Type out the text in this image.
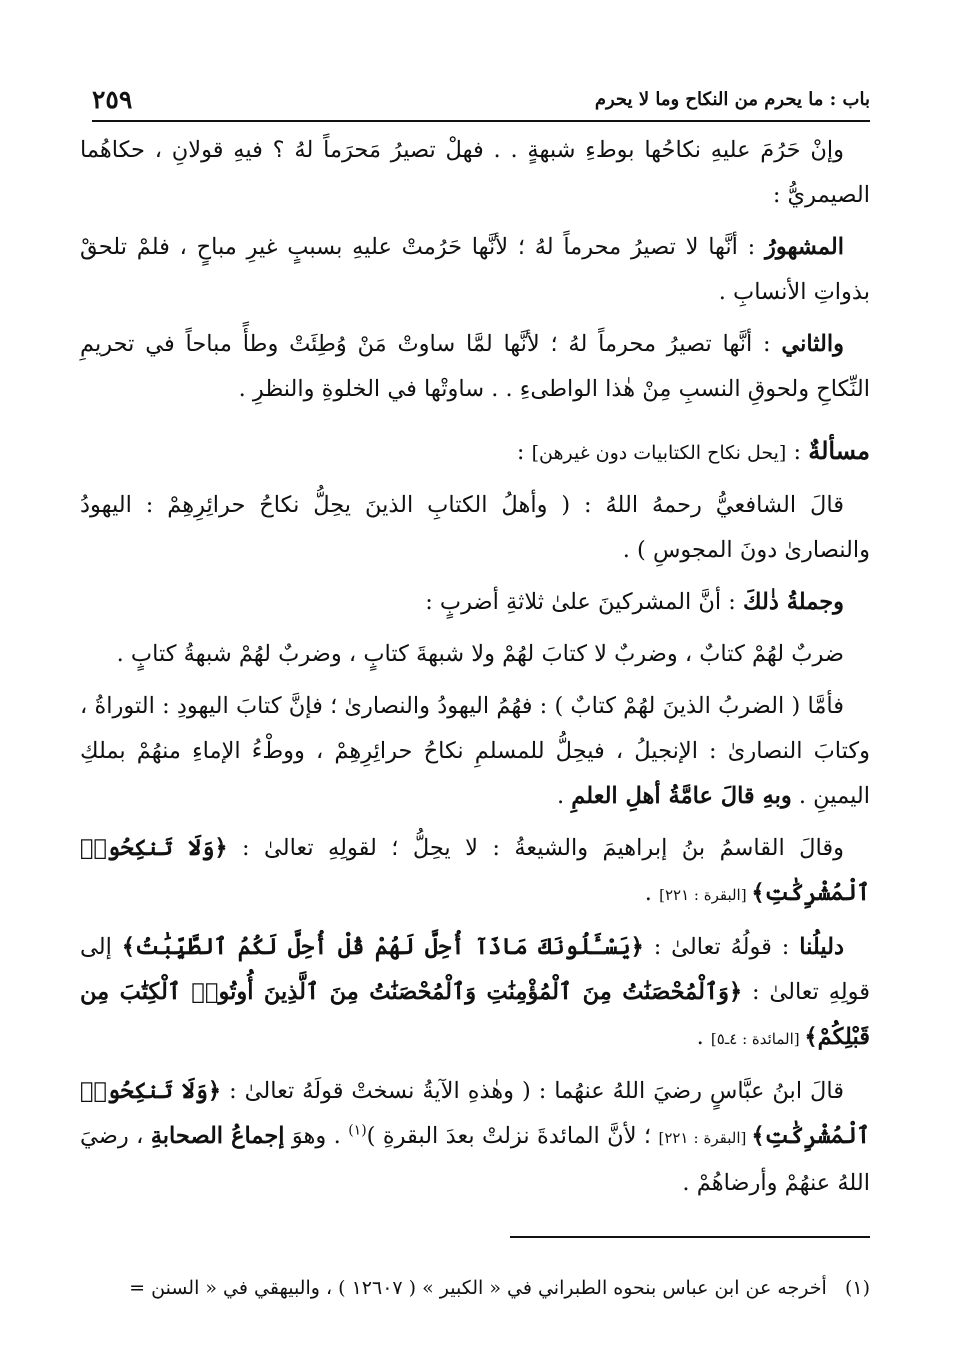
٢٥٩	باب : ما يحرم من النكاح وما لا يحرم

وإنْ حَرُمَ عليهِ نكاحُها بوطءِ شبهةٍ . . فهلْ تصيرُ مَحرَماً لهُ ؟ فيهِ قولانِ ، حكاهُما الصيمريُّ :

المشهورُ : أنَّها لا تصيرُ محرماً لهُ ؛ لأنَّها حَرُمتْ عليهِ بسببٍ غيرِ مباحٍ ، فلمْ تلحقْ بذواتِ الأنسابِ .

والثاني : أنَّها تصيرُ محرماً لهُ ؛ لأنَّها لمَّا ساوتْ مَنْ وُطِئَتْ وطأً مباحاً في تحريمِ النِّكاحِ ولحوقِ النسبِ مِنْ هٰذا الواطىءِ . . ساوتْها في الخلوةِ والنظرِ .

مسألةٌ : [يحل نكاح الكتابيات دون غيرهن] :

قالَ الشافعيُّ رحمهُ اللهُ : ( وأهلُ الكتابِ الذينَ يحِلُّ نكاحُ حرائِرِهِمْ : اليهودُ والنصارىٰ دونَ المجوسِ ) .

وجملةُ ذٰلكَ : أنَّ المشركينَ علىٰ ثلاثةِ أضربٍ :

ضربٌ لهُمْ كتابٌ ، وضربٌ لا كتابَ لهُمْ ولا شبهةَ كتابٍ ، وضربٌ لهُمْ شبهةُ كتابٍ .

فأمَّا ( الضربُ الذينَ لهُمْ كتابٌ ) : فهُمُ اليهودُ والنصارىٰ ؛ فإنَّ كتابَ اليهودِ : التوراةُ ، وكتابَ النصارىٰ : الإنجيلُ ، فيحِلُّ للمسلمِ نكاحُ حرائِرِهِمْ ، ووطْءُ الإماءِ منهُمْ بملكِ اليمينِ . وبهِ قالَ عامَّةُ أهلِ العلمِ .

وقالَ القاسمُ بنُ إبراهيمَ والشيعةُ : لا يحِلُّ ؛ لقولِهِ تعالىٰ : ﴿وَلَا تَنكِحُوا۟ ٱلْمُشْرِكَٰتِ﴾ [البقرة : ٢٢١] .

دليلُنا : قولُهُ تعالىٰ : ﴿يَسْـَٔلُونَكَ مَاذَآ أُحِلَّ لَهُمْ قُلْ أُحِلَّ لَكُمُ ٱلطَّيِّبَٰتُ﴾ إلى قولِهِ تعالىٰ : ﴿وَٱلْمُحْصَنَٰتُ مِنَ ٱلْمُؤْمِنَٰتِ وَٱلْمُحْصَنَٰتُ مِنَ ٱلَّذِينَ أُوتُوا۟ ٱلْكِتَٰبَ مِن قَبْلِكُمْ﴾ [المائدة : ٤ـ٥] .

قالَ ابنُ عبَّاسٍ رضيَ اللهُ عنهُما : ( وهٰذهِ الآيةُ نسختْ قولَهُ تعالىٰ : ﴿وَلَا تَنكِحُوا۟ ٱلْمُشْرِكَٰتِ﴾ [البقرة : ٢٢١] ؛ لأنَّ المائدةَ نزلتْ بعدَ البقرةِ )$^{(١)}$ . وهوَ إجماعُ الصحابةِ ، رضيَ اللهُ عنهُمْ وأرضاهُمْ .

(١)   أخرجه عن ابن عباس بنحوه الطبراني في « الكبير » ( ١٢٦٠٧ ) ، والبيهقي في « السنن =
